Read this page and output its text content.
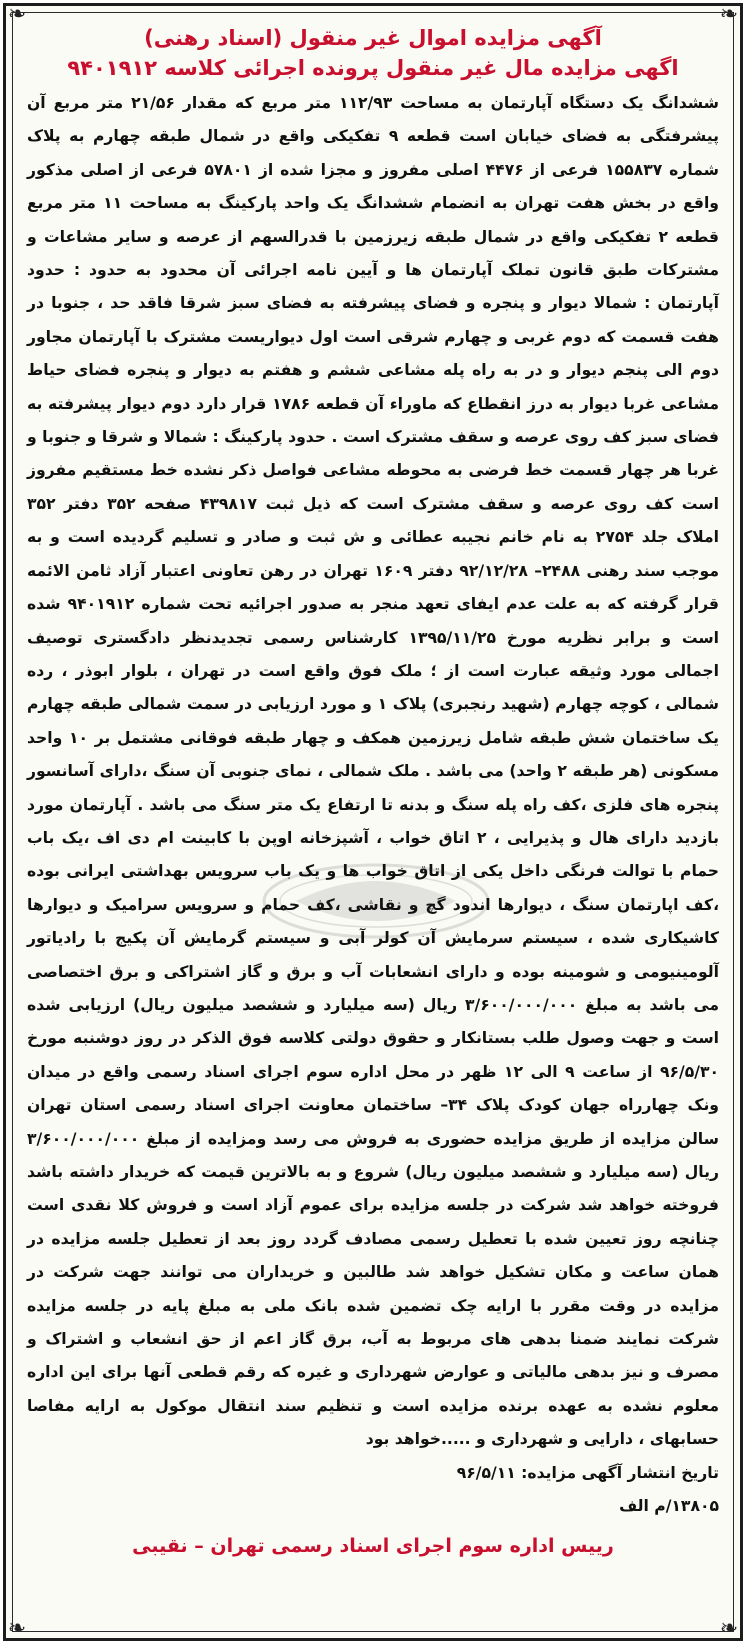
❧	❧
❧	❧
آگهی مزایده اموال غیر منقول (اسناد رهنی)
اگهی مزایده مال غیر منقول پرونده اجرائی کلاسه ۹۴۰۱۹۱۲
ششدانگ یک دستگاه آپارتمان به مساحت ۱۱۲/۹۳ متر مربع که مقدار ۲۱/۵۶ متر مربع آن پیشرفتگی به فضای خیابان است قطعه ۹ تفکیکی واقع در شمال طبقه چهارم به پلاک شماره ۱۵۵۸۳۷ فرعی از ۴۴۷۶ اصلی مفروز و مجزا شده از ۵۷۸۰۱ فرعی از اصلی مذکور واقع در بخش هفت تهران به انضمام ششدانگ یک واحد پارکینگ به مساحت ۱۱ متر مربع قطعه ۲ تفکیکی واقع در شمال طبقه زیرزمین با قدرالسهم از عرصه و سایر مشاعات و مشترکات طبق قانون تملک آپارتمان ها و آیین نامه اجرائی آن محدود به حدود : حدود آپارتمان : شمالا دیوار و پنجره و فضای پیشرفته به فضای سبز شرقا فاقد حد ، جنوبا در هفت قسمت که دوم غربی و چهارم شرقی است اول دیواریست مشترک با آپارتمان مجاور دوم الی پنجم دیوار و در به راه پله مشاعی ششم و هفتم به دیوار و پنجره فضای حیاط مشاعی غربا دیوار به درز انقطاع که ماوراء آن قطعه ۱۷۸۶ قرار دارد دوم دیوار پیشرفته به فضای سبز کف روی عرصه و سقف مشترک است . حدود پارکینگ : شمالا و شرقا و جنوبا و غربا هر چهار قسمت خط فرضی به محوطه مشاعی فواصل ذکر نشده خط مستقیم مفروز است کف روی عرصه و سقف مشترک است که ذیل ثبت ۴۳۹۸۱۷ صفحه ۳۵۲ دفتر ۳۵۲ املاک جلد ۲۷۵۴ به نام خانم نجیبه عطائی و ش ثبت و صادر و تسلیم گردیده است و به موجب سند رهنی ۲۴۸۸– ۹۲/۱۲/۲۸ دفتر ۱۶۰۹ تهران در رهن تعاونی اعتبار آزاد ثامن الائمه قرار گرفته که به علت عدم ایفای تعهد منجر به صدور اجرائیه تحت شماره ۹۴۰۱۹۱۲ شده است و برابر نظریه مورخ ۱۳۹۵/۱۱/۲۵ کارشناس رسمی تجدیدنظر دادگستری توصیف اجمالی مورد وثیقه عبارت است از ؛ ملک فوق واقع است در تهران ، بلوار ابوذر ، رده شمالی ، کوچه چهارم (شهید رنجبری) پلاک ۱ و مورد ارزیابی در سمت شمالی طبقه چهارم یک ساختمان شش طبقه شامل زیرزمین همکف و چهار طبقه فوقانی مشتمل بر ۱۰ واحد مسکونی (هر طبقه ۲ واحد) می باشد . ملک شمالی ، نمای جنوبی آن سنگ ،دارای آسانسور پنجره های فلزی ،کف راه پله سنگ و بدنه تا ارتفاع یک متر سنگ می باشد . آپارتمان مورد بازدید دارای هال و پذیرایی ، ۲ اتاق خواب ، آشپزخانه اوپن با کابینت ام دی اف ،یک باب حمام با توالت فرنگی داخل یکی از اتاق خواب ها و یک باب سرویس بهداشتی ایرانی بوده ،کف اپارتمان سنگ ، دیوارها اندود گچ و نقاشی ،کف حمام و سرویس سرامیک و دیوارها کاشیکاری شده ، سیستم سرمایش آن کولر آبی و سیستم گرمایش آن پکیج با رادیاتور آلومینیومی و شومینه بوده و دارای انشعابات آب و برق و گاز اشتراکی و برق اختصاصی می باشد به مبلغ ۳/۶۰۰/۰۰۰/۰۰۰ ریال (سه میلیارد و ششصد میلیون ریال) ارزیابی شده است و جهت وصول طلب بستانکار و حقوق دولتی کلاسه فوق الذکر در روز دوشنبه مورخ ۹۶/۵/۳۰ از ساعت ۹ الی ۱۲ ظهر در محل اداره سوم اجرای اسناد رسمی واقع در میدان ونک چهارراه جهان کودک پلاک ۳۴– ساختمان معاونت اجرای اسناد رسمی استان تهران سالن مزایده از طریق مزایده حضوری به فروش می رسد ومزایده از مبلغ ۳/۶۰۰/۰۰۰/۰۰۰ ریال (سه میلیارد و ششصد میلیون ریال) شروع و به بالاترین قیمت که خریدار داشته باشد فروخته خواهد شد شرکت در جلسه مزایده برای عموم آزاد است و فروش کلا نقدی است چنانچه روز تعیین شده با تعطیل رسمی مصادف گردد روز بعد از تعطیل جلسه مزایده در همان ساعت و مکان تشکیل خواهد شد طالبین و خریداران می توانند جهت شرکت در مزایده در وقت مقرر با ارایه چک تضمین شده بانک ملی به مبلغ پایه در جلسه مزایده شرکت نمایند ضمنا بدهی های مربوط به آب، برق گاز اعم از حق انشعاب و اشتراک و مصرف و نیز بدهی مالیاتی و عوارض شهرداری و غیره که رقم قطعی آنها برای این اداره معلوم نشده به عهده برنده مزایده است و تنظیم سند انتقال موکول به ارایه مفاصا حسابهای ، دارایی و شهرداری و .....خواهد بود
تاریخ انتشار آگهی مزایده: ۹۶/۵/۱۱
۱۳۸۰۵/م الف
رییس اداره سوم اجرای اسناد رسمی تهران – نقیبی
